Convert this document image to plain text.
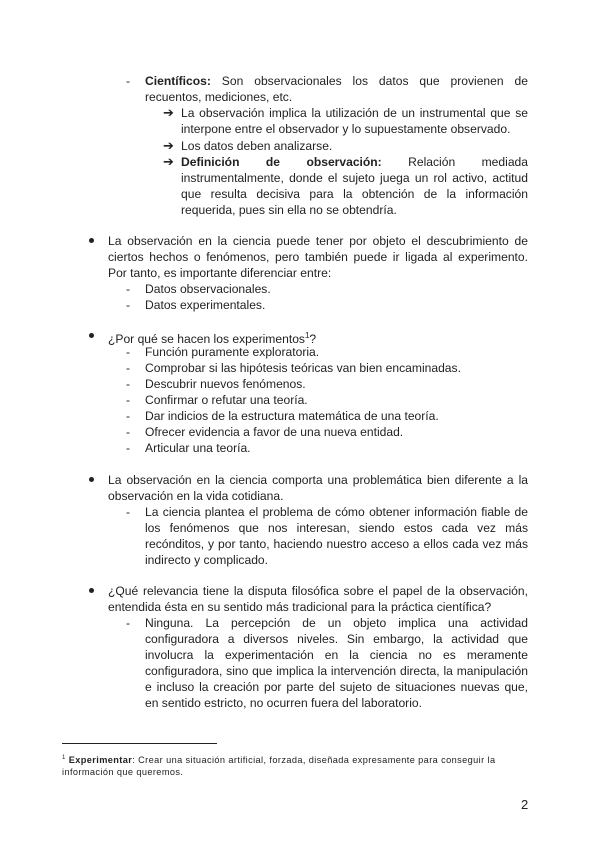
- Científicos: Son observacionales los datos que provienen de
recuentos, mediciones, etc.
➔ La observación implica la utilización de un instrumental que se
interpone entre el observador y lo supuestamente observado.
➔ Los datos deben analizarse.
➔ Definición de observación: Relación mediada
instrumentalmente, donde el sujeto juega un rol activo, actitud
que resulta decisiva para la obtención de la información
requerida, pues sin ella no se obtendría.
La observación en la ciencia puede tener por objeto el descubrimiento de
ciertos hechos o fenómenos, pero también puede ir ligada al experimento.
Por tanto, es importante diferenciar entre:
- Datos observacionales.
- Datos experimentales.
¿Por qué se hacen los experimentos$^1$?
- Función puramente exploratoria.
- Comprobar si las hipótesis teóricas van bien encaminadas.
- Descubrir nuevos fenómenos.
- Confirmar o refutar una teoría.
- Dar indicios de la estructura matemática de una teoría.
- Ofrecer evidencia a favor de una nueva entidad.
- Articular una teoría.
La observación en la ciencia comporta una problemática bien diferente a la
observación en la vida cotidiana.
- La ciencia plantea el problema de cómo obtener información fiable de
los fenómenos que nos interesan, siendo estos cada vez más
recónditos, y por tanto, haciendo nuestro acceso a ellos cada vez más
indirecto y complicado.
¿Qué relevancia tiene la disputa filosófica sobre el papel de la observación,
entendida ésta en su sentido más tradicional para la práctica científica?
- Ninguna. La percepción de un objeto implica una actividad
configuradora a diversos niveles. Sin embargo, la actividad que
involucra la experimentación en la ciencia no es meramente
configuradora, sino que implica la intervención directa, la manipulación
e incluso la creación por parte del sujeto de situaciones nuevas que,
en sentido estricto, no ocurren fuera del laboratorio.
$^1$ Experimentar: Crear una situación artificial, forzada, diseñada expresamente para conseguir la
información que queremos.
2
